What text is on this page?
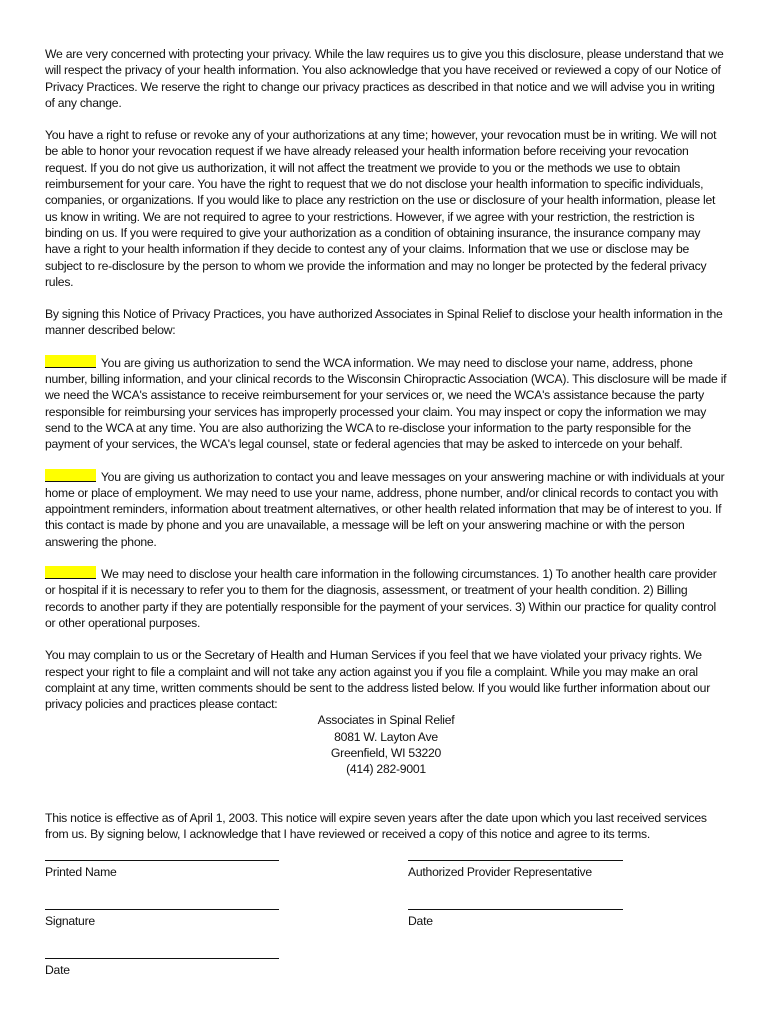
We are very concerned with protecting your privacy. While the law requires us to give you this disclosure, please understand that we will respect the privacy of your health information. You also acknowledge that you have received or reviewed a copy of our Notice of Privacy Practices. We reserve the right to change our privacy practices as described in that notice and we will advise you in writing of any change.

You have a right to refuse or revoke any of your authorizations at any time; however, your revocation must be in writing. We will not be able to honor your revocation request if we have already released your health information before receiving your revocation request. If you do not give us authorization, it will not affect the treatment we provide to you or the methods we use to obtain reimbursement for your care. You have the right to request that we do not disclose your health information to specific individuals, companies, or organizations. If you would like to place any restriction on the use or disclosure of your health information, please let us know in writing. We are not required to agree to your restrictions. However, if we agree with your restriction, the restriction is binding on us. If you were required to give your authorization as a condition of obtaining insurance, the insurance company may have a right to your health information if they decide to contest any of your claims. Information that we use or disclose may be subject to re-disclosure by the person to whom we provide the information and may no longer be protected by the federal privacy rules.

By signing this Notice of Privacy Practices, you have authorized Associates in Spinal Relief to disclose your health information in the manner described below:

You are giving us authorization to send the WCA information. We may need to disclose your name, address, phone number, billing information, and your clinical records to the Wisconsin Chiropractic Association (WCA). This disclosure will be made if we need the WCA's assistance to receive reimbursement for your services or, we need the WCA's assistance because the party responsible for reimbursing your services has improperly processed your claim. You may inspect or copy the information we may send to the WCA at any time. You are also authorizing the WCA to re-disclose your information to the party responsible for the payment of your services, the WCA's legal counsel, state or federal agencies that may be asked to intercede on your behalf.

You are giving us authorization to contact you and leave messages on your answering machine or with individuals at your home or place of employment. We may need to use your name, address, phone number, and/or clinical records to contact you with appointment reminders, information about treatment alternatives, or other health related information that may be of interest to you. If this contact is made by phone and you are unavailable, a message will be left on your answering machine or with the person answering the phone.

We may need to disclose your health care information in the following circumstances. 1) To another health care provider or hospital if it is necessary to refer you to them for the diagnosis, assessment, or treatment of your health condition. 2) Billing records to another party if they are potentially responsible for the payment of your services. 3) Within our practice for quality control or other operational purposes.

You may complain to us or the Secretary of Health and Human Services if you feel that we have violated your privacy rights. We respect your right to file a complaint and will not take any action against you if you file a complaint. While you may make an oral complaint at any time, written comments should be sent to the address listed below. If you would like further information about our privacy policies and practices please contact:

Associates in Spinal Relief
8081 W. Layton Ave
Greenfield, WI 53220
(414) 282-9001

This notice is effective as of April 1, 2003. This notice will expire seven years after the date upon which you last received services from us. By signing below, I acknowledge that I have reviewed or received a copy of this notice and agree to its terms.

Printed Name	Authorized Provider Representative
Signature	Date
Date
